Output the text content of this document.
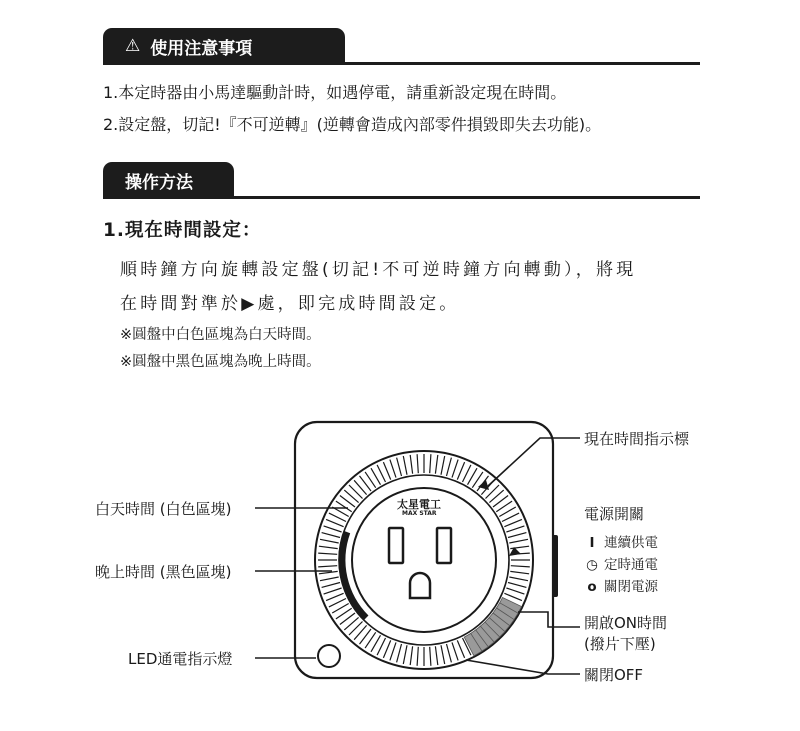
⚠ 使用注意事項
1.本定時器由小馬達驅動計時，如遇停電，請重新設定現在時間。
2.設定盤，切記!『不可逆轉』(逆轉會造成內部零件損毀即失去功能)。
操作方法
1.現在時間設定：
順時鐘方向旋轉設定盤(切記!不可逆時鐘方向轉動），將現
在時間對準於▶處，即完成時間設定。
※圓盤中白色區塊為白天時間。
※圓盤中黑色區塊為晚上時間。
太星電工
MAX STAR
現在時間指示標
白天時間 (白色區塊)
晚上時間 (黑色區塊)
LED通電指示燈
電源開關
I 連續供電
◷ 定時通電
o 關閉電源
開啟ON時間
(撥片下壓)
關閉OFF
